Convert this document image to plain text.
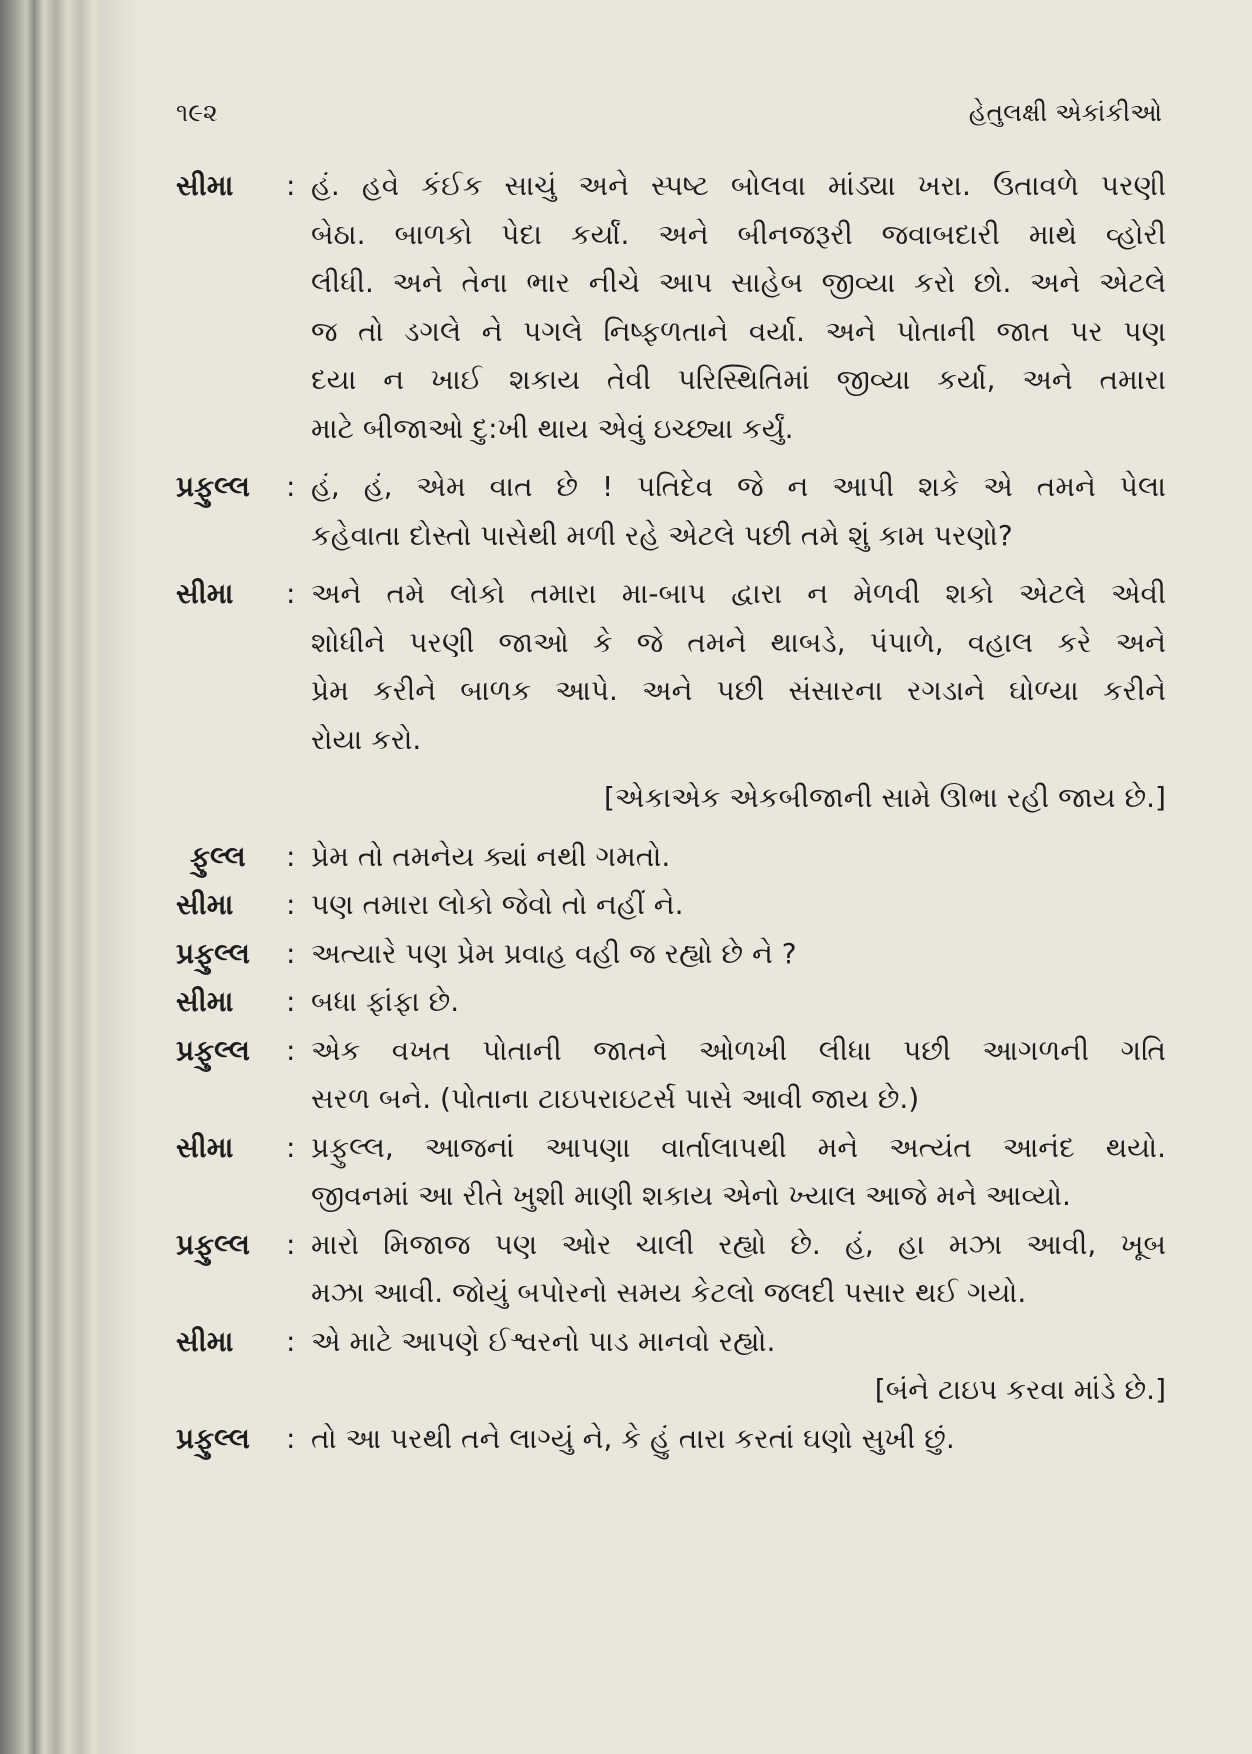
૧૯૨	હેતુલક્ષી એકાંકીઓ
સીમા : હં. હવે કંઈક સાચું અને સ્પષ્ટ બોલવા માંડ્યા ખરા. ઉતાવળે પરણી
બેઠા. બાળકો પેદા કર્યાં. અને બીનજરૂરી જવાબદારી માથે વ્હોરી
લીધી. અને તેના ભાર નીચે આપ સાહેબ જીવ્યા કરો છો. અને એટલે
જ તો ડગલે ને પગલે નિષ્ફળતાને વર્યા. અને પોતાની જાત પર પણ
દયા ન ખાઈ શકાય તેવી પરિસ્થિતિમાં જીવ્યા કર્યા, અને તમારા
માટે બીજાઓ દુ:ખી થાય એવું ઇચ્છ્યા કર્યું.
પ્રફુલ્લ : હં, હં, એમ વાત છે ! પતિદેવ જે ન આપી શકે એ તમને પેલા
કહેવાતા દોસ્તો પાસેથી મળી રહે એટલે પછી તમે શું કામ પરણો?
સીમા : અને તમે લોકો તમારા મા-બાપ દ્વારા ન મેળવી શકો એટલે એવી
શોધીને પરણી જાઓ કે જે તમને થાબડે, પંપાળે, વહાલ કરે અને
પ્રેમ કરીને બાળક આપે. અને પછી સંસારના રગડાને ઘોળ્યા કરીને
રોયા કરો.
[એકાએક એકબીજાની સામે ઊભા રહી જાય છે.]
ફુલ્લ : પ્રેમ તો તમનેય ક્યાં નથી ગમતો.
સીમા : પણ તમારા લોકો જેવો તો નહીં ને.
પ્રફુલ્લ : અત્યારે પણ પ્રેમ પ્રવાહ વહી જ રહ્યો છે ને ?
સીમા : બધા ફાંફા છે.
પ્રફુલ્લ : એક વખત પોતાની જાતને ઓળખી લીધા પછી આગળની ગતિ
સરળ બને. (પોતાના ટાઇપરાઇટર્સ પાસે આવી જાય છે.)
સીમા : પ્રફુલ્લ, આજનાં આપણા વાર્તાલાપથી મને અત્યંત આનંદ થયો.
જીવનમાં આ રીતે ખુશી માણી શકાય એનો ખ્યાલ આજે મને આવ્યો.
પ્રફુલ્લ : મારો મિજાજ પણ ઓર ચાલી રહ્યો છે. હં, હા મઝા આવી, ખૂબ
મઝા આવી. જોયું બપોરનો સમય કેટલો જલદી પસાર થઈ ગયો.
સીમા : એ માટે આપણે ઈશ્વરનો પાડ માનવો રહ્યો.
[બંને ટાઇપ કરવા માંડે છે.]
પ્રફુલ્લ : તો આ પરથી તને લાગ્યું ને, કે હું તારા કરતાં ઘણો સુખી છું.
